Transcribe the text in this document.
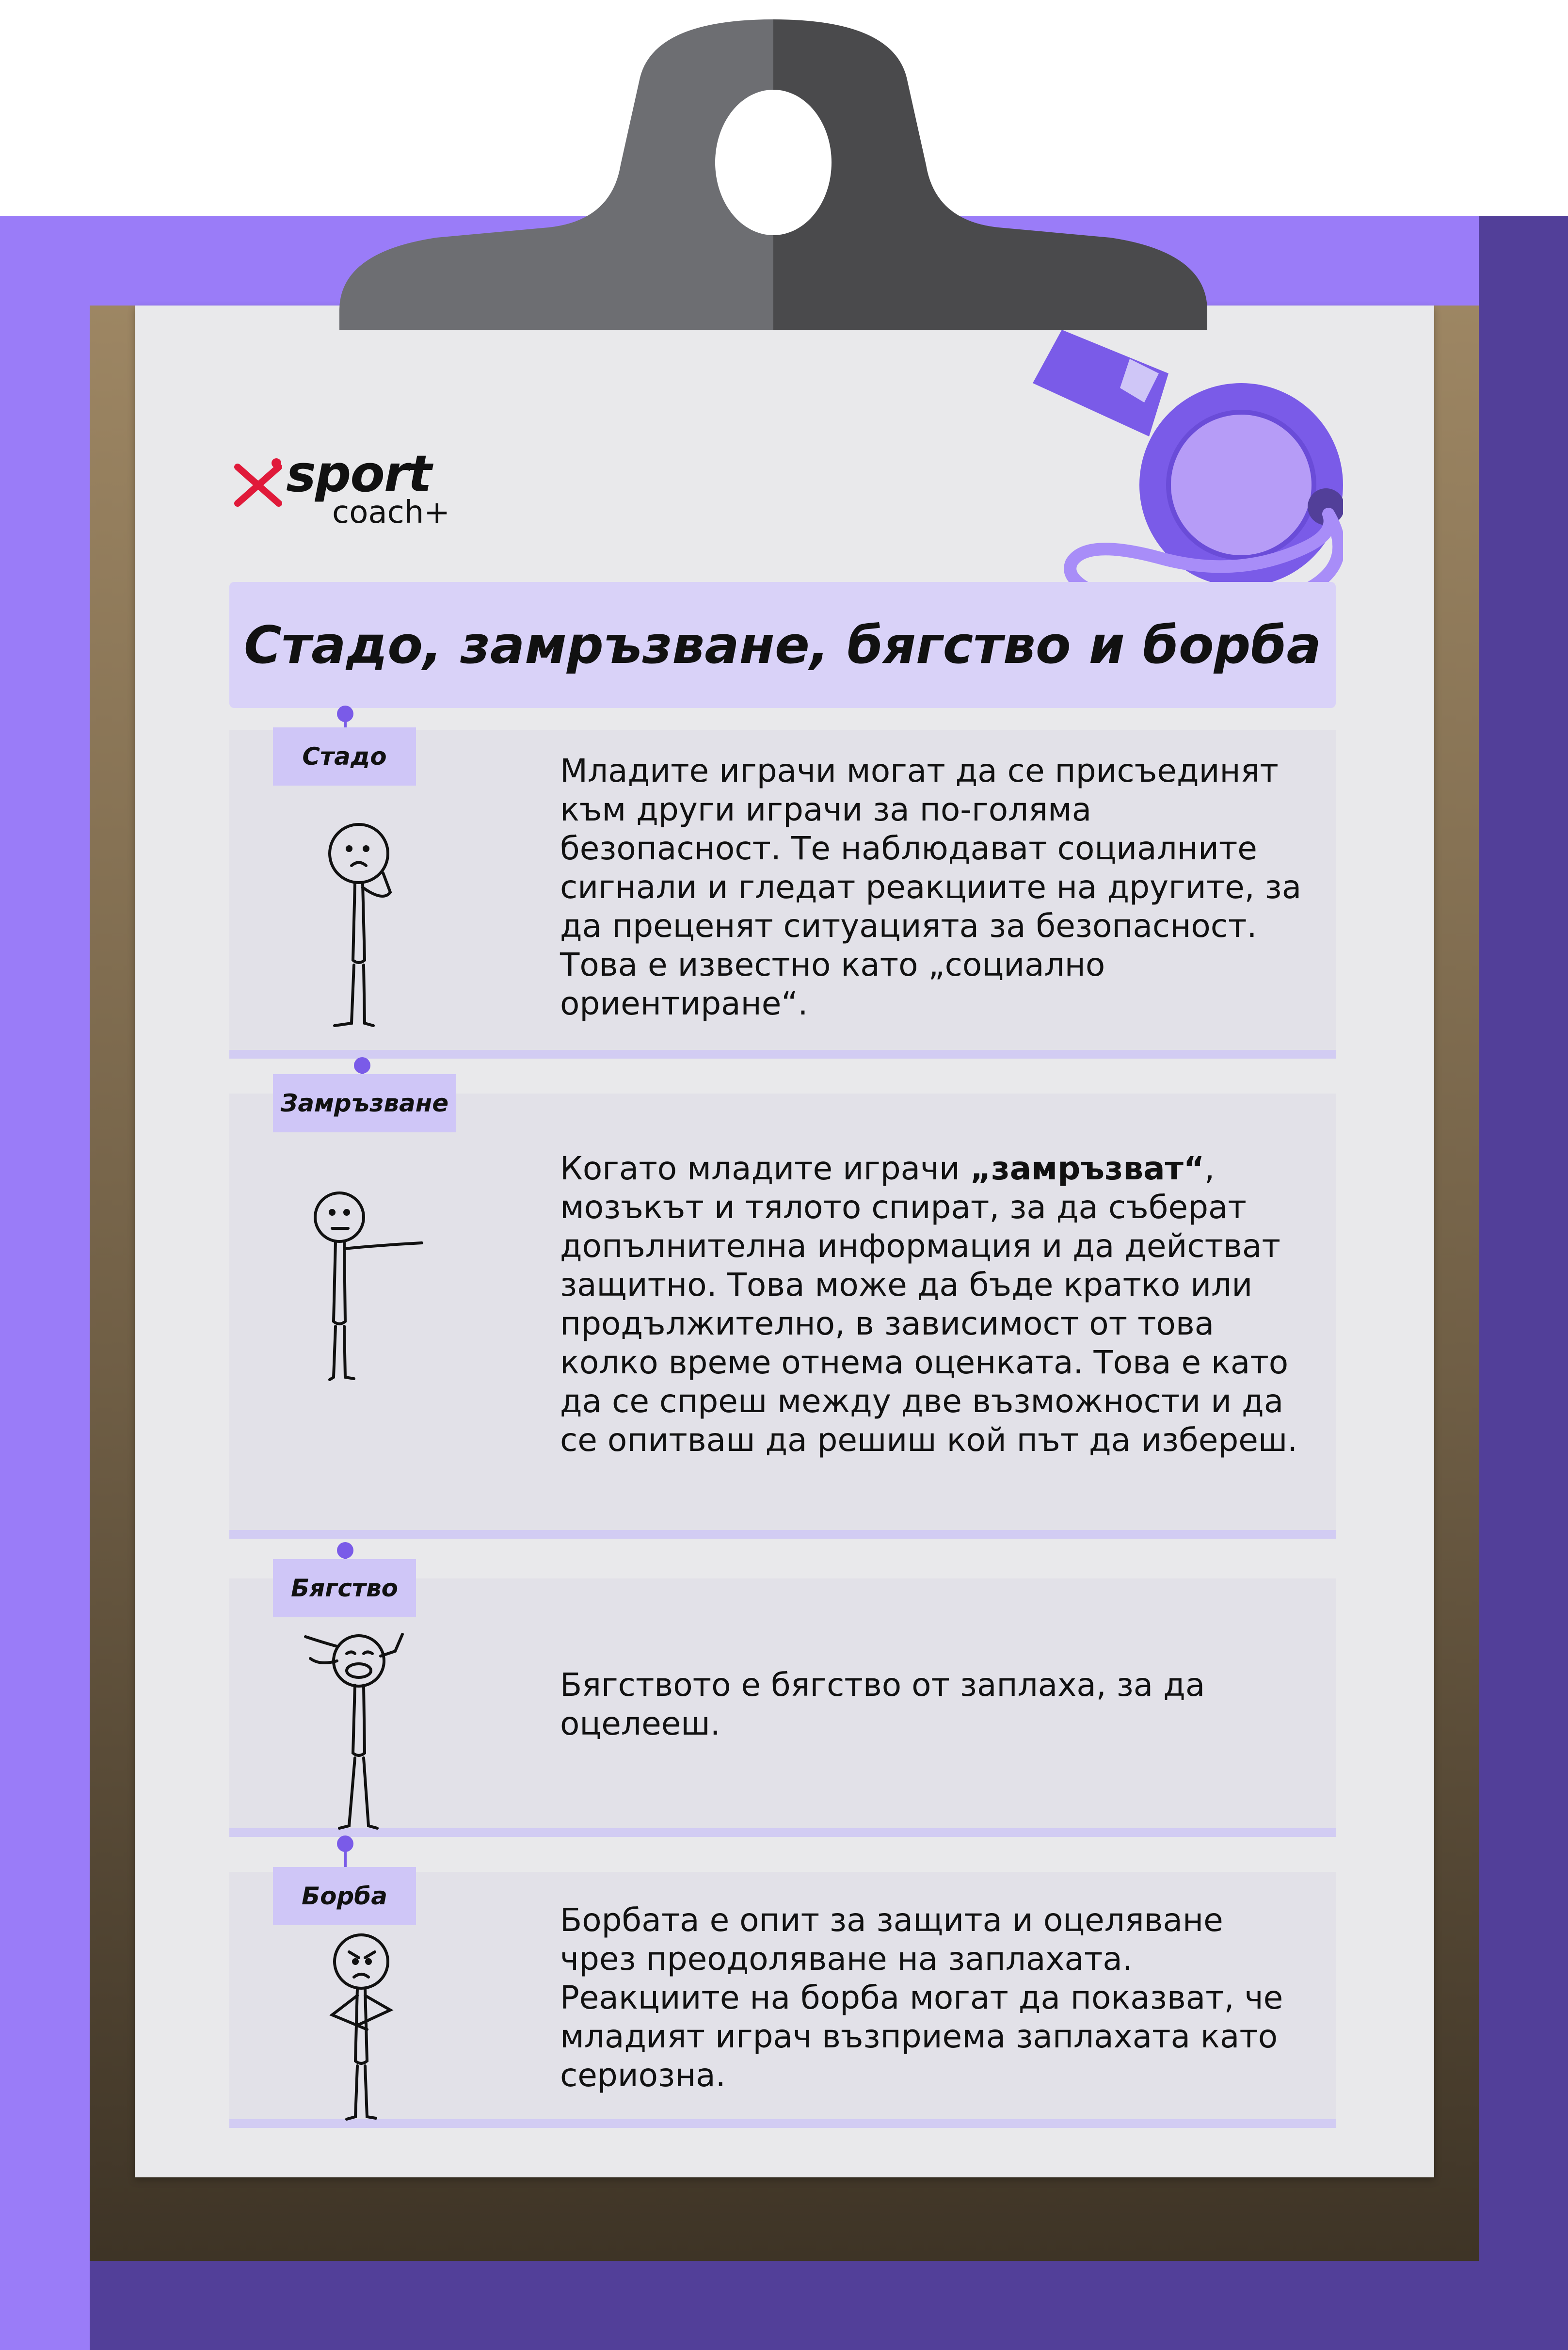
sport
coach+
Стадо, замръзване, бягство и борба
Стадо	Младите играчи могат да се присъединят към други играчи за по-голяма безопасност. Те наблюдават социалните сигнали и гледат реакциите на другите, за да преценят ситуацията за безопасност. Това е известно като „социално ориентиране“.
Замръзване
Когато младите играчи „замръзват“, мозъкът и тялото спират, за да съберат допълнителна информация и да действат защитно. Това може да бъде кратко или продължително, в зависимост от това колко време отнема оценката. Това е като да се спреш между две възможности и да се опитваш да решиш кой път да избереш.
Бягство
Бягството е бягство от заплаха, за да оцелееш.
Борба
Борбата е опит за защита и оцеляване чрез преодоляване на заплахата. Реакциите на борба могат да показват, че младият играч възприема заплахата като сериозна.
